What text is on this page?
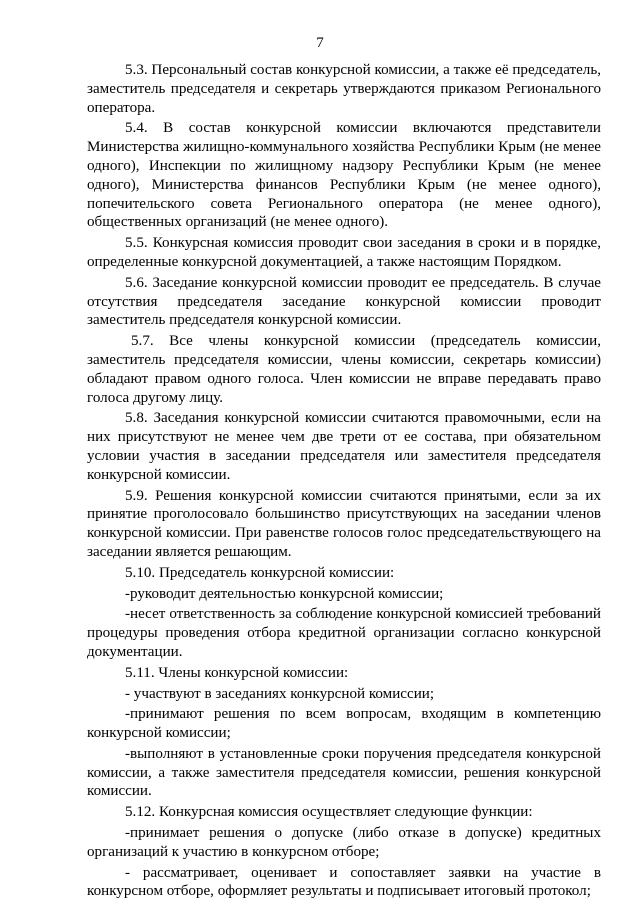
7

5.3. Персональный состав конкурсной комиссии, а также её председатель, заместитель председателя и секретарь утверждаются приказом Регионального оператора.

5.4. В состав конкурсной комиссии включаются представители Министерства жилищно-коммунального хозяйства Республики Крым (не менее одного), Инспекции по жилищному надзору Республики Крым (не менее одного), Министерства финансов Республики Крым (не менее одного), попечительского совета Регионального оператора (не менее одного), общественных организаций (не менее одного).

5.5. Конкурсная комиссия проводит свои заседания в сроки и в порядке, определенные конкурсной документацией, а также настоящим Порядком.

5.6. Заседание конкурсной комиссии проводит ее председатель. В случае отсутствия председателя заседание конкурсной комиссии проводит заместитель председателя конкурсной комиссии.

5.7. Все члены конкурсной комиссии (председатель комиссии, заместитель председателя комиссии, члены комиссии, секретарь комиссии) обладают правом одного голоса. Член комиссии не вправе передавать право голоса другому лицу.

5.8. Заседания конкурсной комиссии считаются правомочными, если на них присутствуют не менее чем две трети от ее состава, при обязательном условии участия в заседании председателя или заместителя председателя конкурсной комиссии.

5.9. Решения конкурсной комиссии считаются принятыми, если за их принятие проголосовало большинство присутствующих на заседании членов конкурсной комиссии. При равенстве голосов голос председательствующего на заседании является решающим.

5.10. Председатель конкурсной комиссии:

-руководит деятельностью конкурсной комиссии;

-несет ответственность за соблюдение конкурсной комиссией требований процедуры проведения отбора кредитной организации согласно конкурсной документации.

5.11. Члены конкурсной комиссии:

- участвуют в заседаниях конкурсной комиссии;

-принимают решения по всем вопросам, входящим в компетенцию конкурсной комиссии;

-выполняют в установленные сроки поручения председателя конкурсной комиссии, а также заместителя председателя комиссии, решения конкурсной комиссии.

5.12. Конкурсная комиссия осуществляет следующие функции:

-принимает решения о допуске (либо отказе в допуске) кредитных организаций к участию в конкурсном отборе;

- рассматривает, оценивает и сопоставляет заявки на участие в конкурсном отборе, оформляет результаты и подписывает итоговый протокол;
